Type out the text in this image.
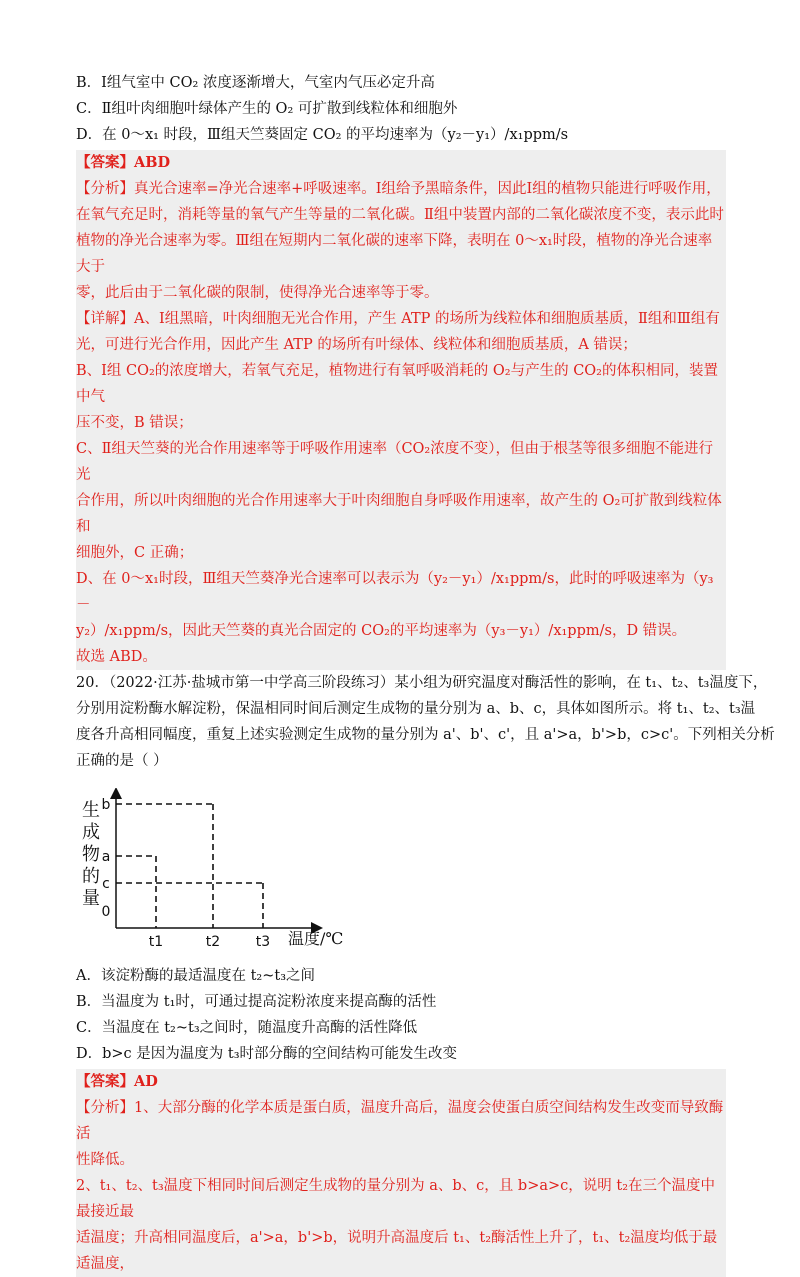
B．Ⅰ组气室中 CO₂ 浓度逐渐增大，气室内气压必定升高
C．Ⅱ组叶肉细胞叶绿体产生的 O₂ 可扩散到线粒体和细胞外
D．在 0～x₁ 时段，Ⅲ组天竺葵固定 CO₂ 的平均速率为（y₂－y₁）/x₁ppm/s
【答案】ABD
【分析】真光合速率=净光合速率+呼吸速率。Ⅰ组给予黑暗条件，因此Ⅰ组的植物只能进行呼吸作用，
在氧气充足时，消耗等量的氧气产生等量的二氧化碳。Ⅱ组中装置内部的二氧化碳浓度不变，表示此时
植物的净光合速率为零。Ⅲ组在短期内二氧化碳的速率下降，表明在 0～x₁时段，植物的净光合速率大于
零，此后由于二氧化碳的限制，使得净光合速率等于零。
【详解】A、Ⅰ组黑暗，叶肉细胞无光合作用，产生 ATP 的场所为线粒体和细胞质基质，Ⅱ组和Ⅲ组有
光，可进行光合作用，因此产生 ATP 的场所有叶绿体、线粒体和细胞质基质，A 错误；
B、Ⅰ组 CO₂的浓度增大，若氧气充足，植物进行有氧呼吸消耗的 O₂与产生的 CO₂的体积相同，装置中气
压不变，B 错误；
C、Ⅱ组天竺葵的光合作用速率等于呼吸作用速率（CO₂浓度不变），但由于根茎等很多细胞不能进行光
合作用，所以叶肉细胞的光合作用速率大于叶肉细胞自身呼吸作用速率，故产生的 O₂可扩散到线粒体和
细胞外，C 正确；
D、在 0～x₁时段，Ⅲ组天竺葵净光合速率可以表示为（y₂－y₁）/x₁ppm/s，此时的呼吸速率为（y₃－
y₂）/x₁ppm/s，因此天竺葵的真光合固定的 CO₂的平均速率为（y₃－y₁）/x₁ppm/s，D 错误。
故选 ABD。
20．（2022·江苏·盐城市第一中学高三阶段练习）某小组为研究温度对酶活性的影响，在 t₁、t₂、t₃温度下，
分别用淀粉酶水解淀粉，保温相同时间后测定生成物的量分别为 a、b、c，具体如图所示。将 t₁、t₂、t₃温
度各升高相同幅度，重复上述实验测定生成物的量分别为 a'、b'、c'，且 a'>a，b'>b，c>c'。下列相关分析
正确的是（ ）
生
成
物
的
量
b
a
c
0
t1	t2	t3 温度/℃
A．该淀粉酶的最适温度在 t₂~t₃之间
B．当温度为 t₁时，可通过提高淀粉浓度来提高酶的活性
C．当温度在 t₂~t₃之间时，随温度升高酶的活性降低
D．b>c 是因为温度为 t₃时部分酶的空间结构可能发生改变
【答案】AD
【分析】1、大部分酶的化学本质是蛋白质，温度升高后，温度会使蛋白质空间结构发生改变而导致酶活
性降低。
2、t₁、t₂、t₃温度下相同时间后测定生成物的量分别为 a、b、c，且 b>a>c，说明 t₂在三个温度中最接近最
适温度；升高相同温度后，a'>a，b'>b，说明升高温度后 t₁、t₂酶活性上升了，t₁、t₂温度均低于最适温度，
